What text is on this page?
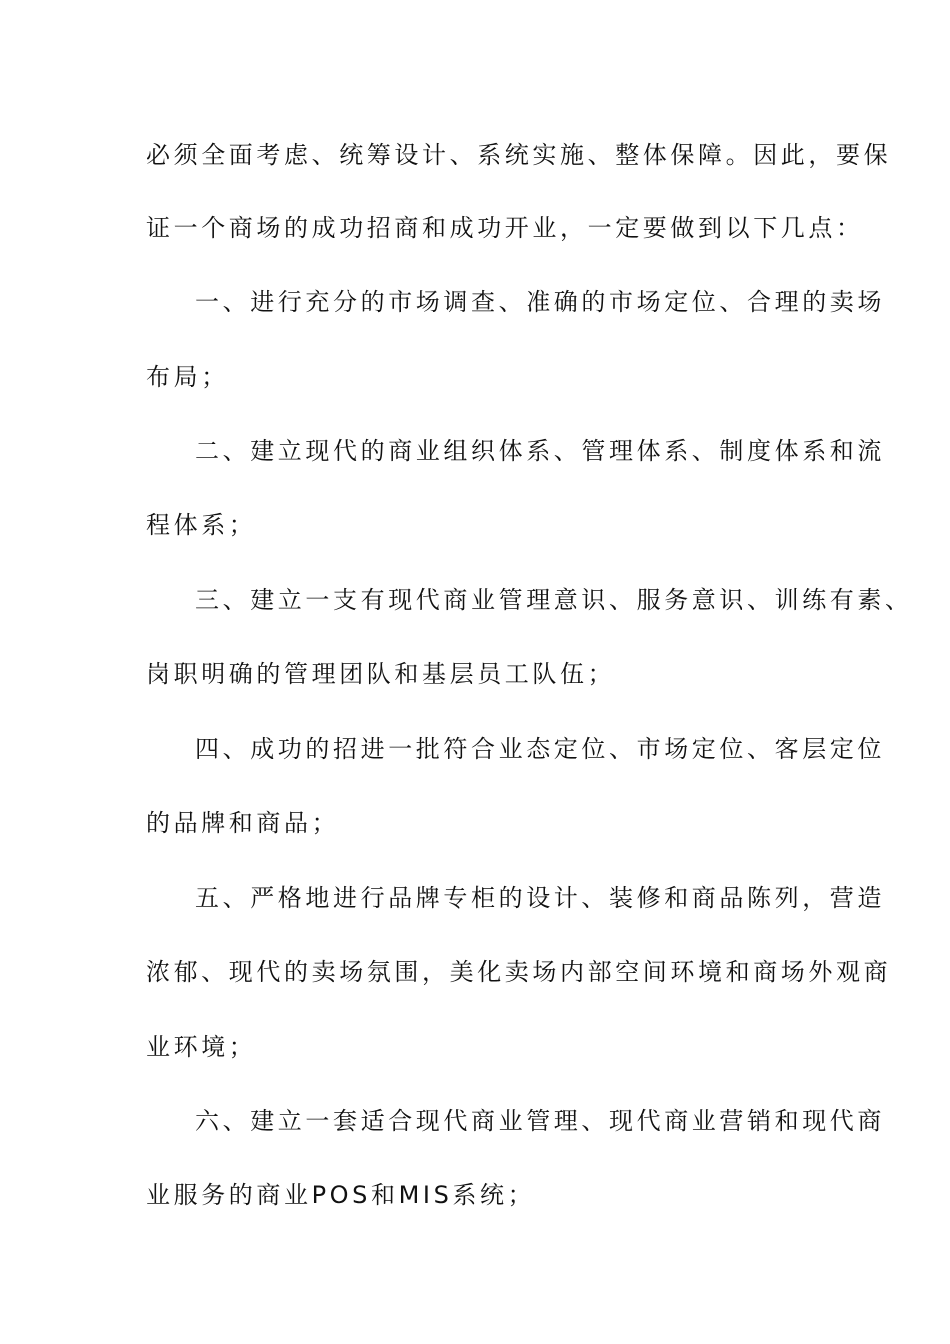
必须全面考虑、统筹设计、系统实施、整体保障。因此，要保
证一个商场的成功招商和成功开业，一定要做到以下几点：
一、进行充分的市场调查、准确的市场定位、合理的卖场
布局；
二、建立现代的商业组织体系、管理体系、制度体系和流
程体系；
三、建立一支有现代商业管理意识、服务意识、训练有素、
岗职明确的管理团队和基层员工队伍；
四、成功的招进一批符合业态定位、市场定位、客层定位
的品牌和商品；
五、严格地进行品牌专柜的设计、装修和商品陈列，营造
浓郁、现代的卖场氛围，美化卖场内部空间环境和商场外观商
业环境；
六、建立一套适合现代商业管理、现代商业营销和现代商
业服务的商业POS和MIS系统；
